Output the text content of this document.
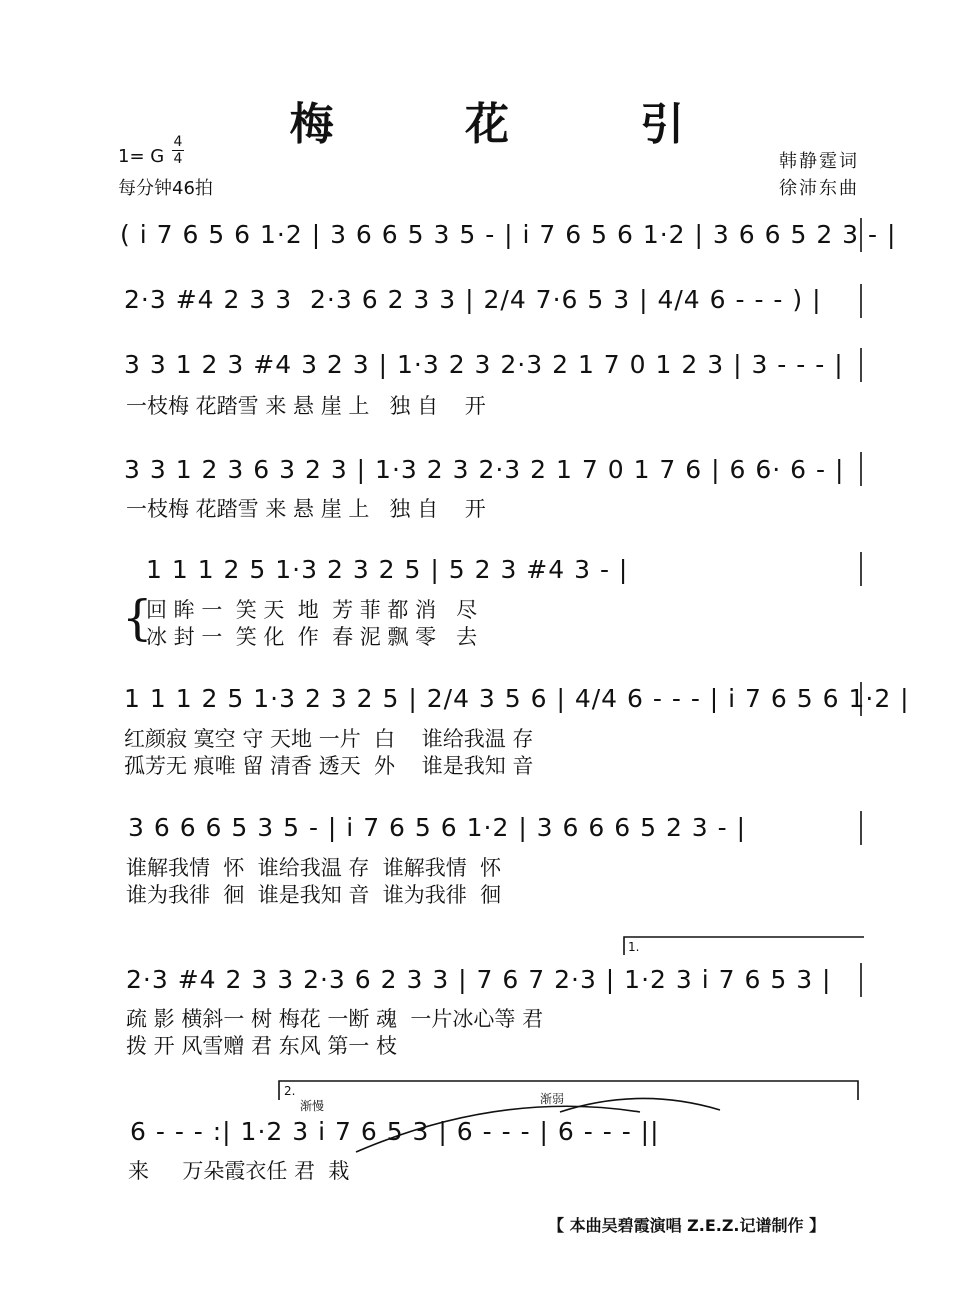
梅 花 引
1= G
4
4
每分钟46拍
韩静霆词
徐沛东曲
( i 7 6 5 6 1·2 | 3 6 6 5 3 5 - | i 7 6 5 6 1·2 | 3 6 6 5 2 3 - |
2·3 #4 2 3 3  2·3 6 2 3 3 | 2/4 7·6 5 3 | 4/4 6 - - - ) |
3 3 1 2 3 #4 3 2 3 | 1·3 2 3 2·3 2 1 7 0 1 2 3 | 3 - - - |
一枝梅 花踏雪 来 悬 崖 上   独 自    开
3 3 1 2 3 6 3 2 3 | 1·3 2 3 2·3 2 1 7 0 1 7 6 | 6 6· 6 - |
一枝梅 花踏雪 来 悬 崖 上   独 自    开
1 1 1 2 5 1·3 2 3 2 5 | 5 2 3 #4 3 - |
{
回 眸 一  笑 天  地  芳 菲 都 消   尽
冰 封 一  笑 化  作  春 泥 飘 零   去
1 1 1 2 5 1·3 2 3 2 5 | 2/4 3 5 6 | 4/4 6 - - - | i 7 6 5 6 1·2 |
红颜寂 寞空 守 天地 一片  白    谁给我温 存
孤芳无 痕唯 留 清香 透天  外    谁是我知 音
3 6 6 6 5 3 5 - | i 7 6 5 6 1·2 | 3 6 6 6 5 2 3 - |
谁解我情  怀  谁给我温 存  谁解我情  怀
谁为我徘  徊  谁是我知 音  谁为我徘  徊
1.
2·3 #4 2 3 3 2·3 6 2 3 3 | 7 6 7 2·3 | 1·2 3 i 7 6 5 3 |
疏 影 横斜一 树 梅花 一断 魂  一片冰心等 君
拨 开 风雪赠 君 东风 第一 枝
2.
渐慢	渐弱
6 - - - :| 1·2 3 i 7 6 5 3 | 6 - - - | 6 - - - ||
来     万朵霞衣任 君  栽
【 本曲吴碧霞演唱 Z.E.Z.记谱制作 】
